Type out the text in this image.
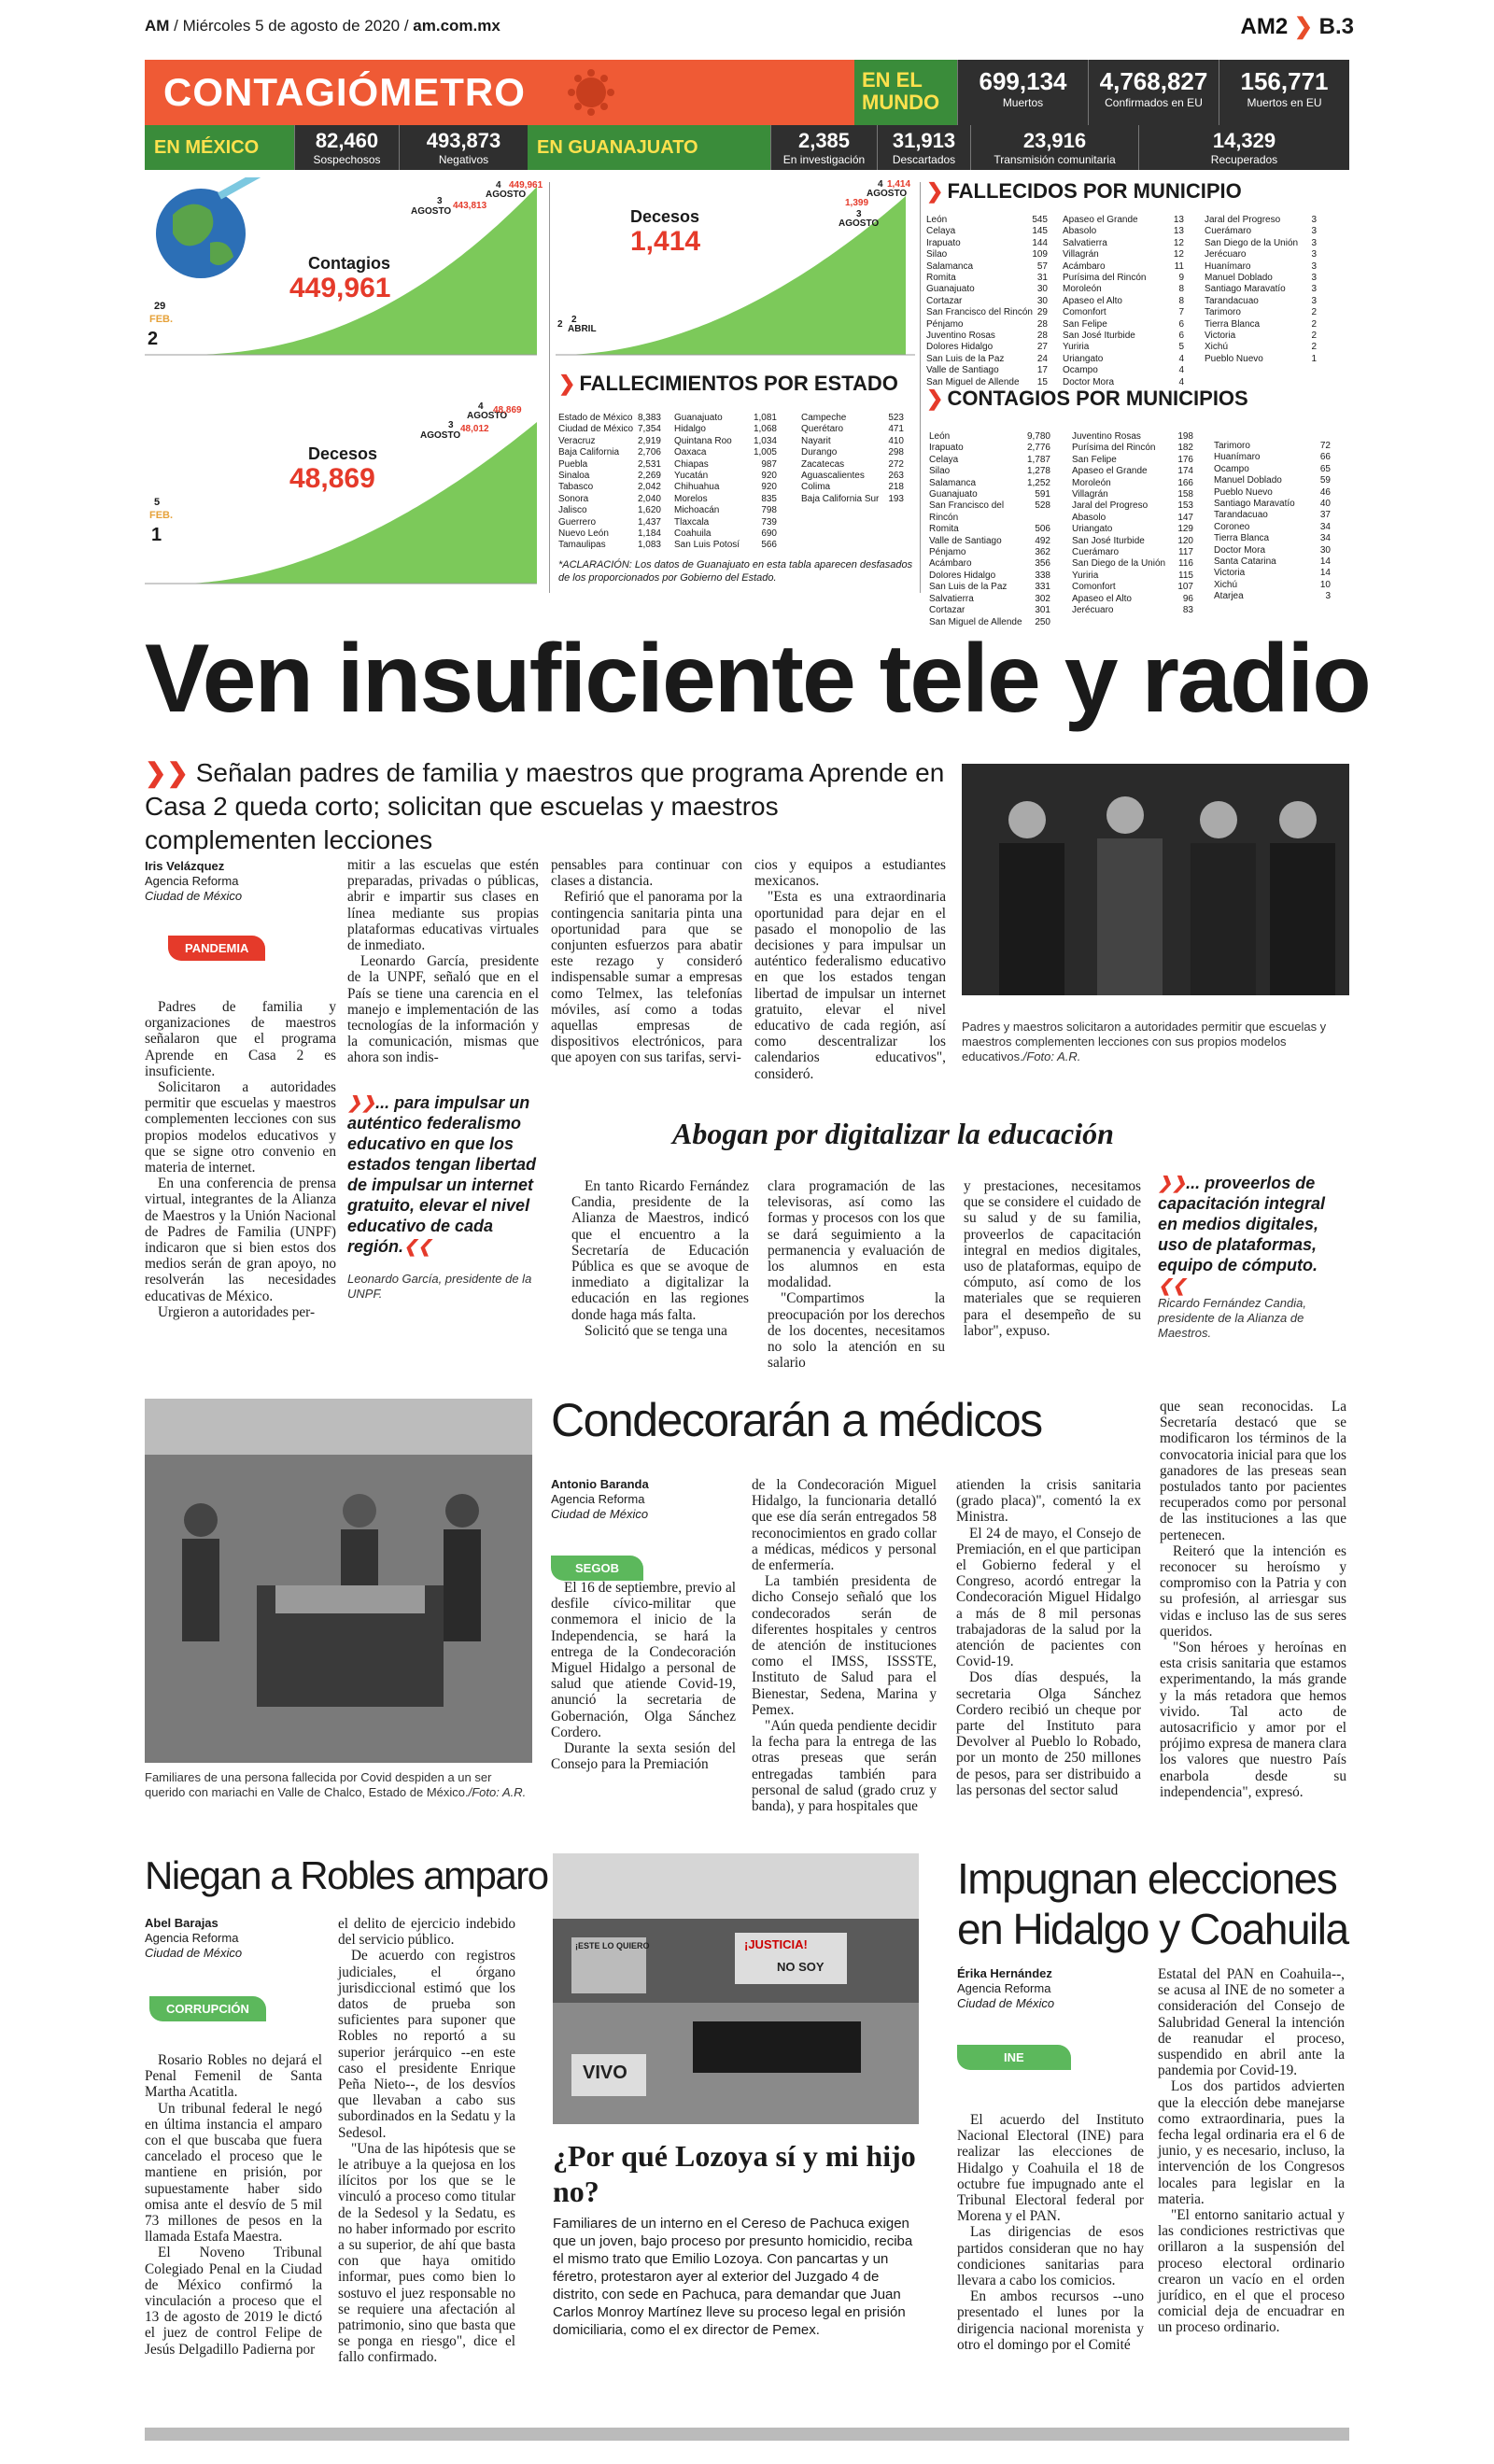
AM / Miércoles 5 de agosto de 2020 / am.com.mx	AM2 ❯ B.3
CONTAGIÓMETRO	EN EL MUNDO
699,134
Muertos
4,768,827
Confirmados en EU
156,771
Muertos en EU
EN MÉXICO	82,460
Sospechosos
493,873
Negativos
EN GUANAJUATO	2,385
En investigación
31,913
Descartados
23,916
Transmisión comunitaria
14,329
Recuperados
Contagios
449,961
29
FEB.
2
4
AGOSTO
449,961
3
AGOSTO
443,813
Decesos
48,869
5
FEB.
1
4
AGOSTO
48,869
3
AGOSTO
48,012
Decesos
1,414
2 2
ABRIL
4
AGOSTO
1,414
1,399
3
AGOSTO
❯ FALLECIMIENTOS POR ESTADO
Estado de México 8,383
Ciudad de México 7,354
Veracruz	2,919
Baja California 2,706
Puebla	2,531
Sinaloa	2,269
Tabasco	2,042
Sonora	2,040
Jalisco	1,620
Guerrero	1,437
Nuevo León	1,184
Tamaulipas	1,083
Guanajuato	1,081
Hidalgo	1,068
Quintana Roo 1,034
Oaxaca	1,005
Chiapas	987
Yucatán	920
Chihuahua	920
Morelos	835
Michoacán	798
Tlaxcala	739
Coahuila	690
San Luis Potosí 566
Campeche	523
Querétaro	471
Nayarit	410
Durango	298
Zacatecas	272
Aguascalientes	263
Colima	218
Baja California Sur 193
*ACLARACIÓN: Los datos de Guanajuato en esta tabla aparecen desfasados de los proporcionados por Gobierno del Estado.
❯ FALLECIDOS POR MUNICIPIO
León	545
Celaya	145
Irapuato	144
Silao	109
Salamanca	57
Romita	31
Guanajuato	30
Cortazar	30
San Francisco del Rincón 29
Pénjamo	28
Juventino Rosas	28
Dolores Hidalgo	27
San Luis de la Paz	24
Valle de Santiago	17
San Miguel de Allende 15
Apaseo el Grande	13
Abasolo	13
Salvatierra	12
Villagrán	12
Acámbaro	11
Purísima del Rincón	9
Moroleón	8
Apaseo el Alto	8
Comonfort	7
San Felipe	6
San José Iturbide	6
Yuriria	5
Uriangato	4
Ocampo	4
Doctor Mora	4
Jaral del Progreso	3
Cuerámaro	3
San Diego de la Unión 3
Jerécuaro	3
Huanímaro	3
Manuel Doblado	3
Santiago Maravatío	3
Tarandacuao	3
Tarimoro	2
Tierra Blanca	2
Victoria	2
Xichú	2
Pueblo Nuevo	1
❯ CONTAGIOS POR MUNICIPIOS
León	9,780
Irapuato	2,776
Celaya	1,787
Silao	1,278
Salamanca	1,252
Guanajuato	591
San Francisco del Rincón
528
Romita	506
Valle de Santiago	492
Pénjamo	362
Acámbaro	356
Dolores Hidalgo	338
San Luis de la Paz	331
Salvatierra	302
Cortazar	301
San Miguel de Allende 250
Juventino Rosas	198
Purísima del Rincón 182
San Felipe	176
Apaseo el Grande	174
Moroleón	166
Villagrán	158
Jaral del Progreso	153
Abasolo	147
Uriangato	129
San José Iturbide	120
Cuerámaro	117
San Diego de la Unión 116
Yuriria	115
Comonfort	107
Apaseo el Alto	96
Jerécuaro	83
Tarimoro	72
Huanímaro	66
Ocampo	65
Manuel Doblado	59
Pueblo Nuevo	46
Santiago Maravatío	40
Tarandacuao	37
Coroneo	34
Tierra Blanca	34
Doctor Mora	30
Santa Catarina	14
Victoria	14
Xichú	10
Atarjea	3
Ven insuficiente tele y radio
❯❯ Señalan padres de familia y maestros que programa Aprende en Casa 2 queda corto; solicitan que escuelas y maestros complementen lecciones
Iris Velázquez
Agencia Reforma
Ciudad de México
PANDEMIA

Padres de familia y organizaciones de maestros señalaron que el programa Aprende en Casa 2 es insuficiente.

Solicitaron a autoridades permitir que escuelas y maestros complementen lecciones con sus propios modelos educativos y que se signe otro convenio en materia de internet.

En una conferencia de prensa virtual, integrantes de la Alianza de Maestros y la Unión Nacional de Padres de Familia (UNPF) indicaron que si bien estos dos medios serán de gran apoyo, no resolverán las necesidades educativas de México.

Urgieron a autoridades per-

mitir a las escuelas que estén preparadas, privadas o públicas, abrir e impartir sus clases en línea mediante sus propias plataformas educativas virtuales de inmediato.

Leonardo García, presidente de la UNPF, señaló que en el País se tiene una carencia en el manejo e implementación de las tecnologías de la información y la comunicación, mismas que ahora son indis-

pensables para continuar con clases a distancia.

Refirió que el panorama por la contingencia sanitaria pinta una oportunidad para que se conjunten esfuerzos para abatir este rezago y consideró indispensable sumar a empresas como Telmex, las telefonías móviles, así como a todas aquellas empresas de dispositivos electrónicos, para que apoyen con sus tarifas, servi-

cios y equipos a estudiantes mexicanos.

"Esta es una extraordinaria oportunidad para dejar en el pasado el monopolio de las decisiones y para impulsar un auténtico federalismo educativo en que los estados tengan libertad de impulsar un internet gratuito, elevar el nivel educativo de cada región, así como descentralizar los calendarios educativos", consideró.

❯❯... para impulsar un auténtico federalismo educativo en que los estados tengan libertad de impulsar un internet gratuito, elevar el nivel educativo de cada región.❮❮
Leonardo García, presidente de la UNPF.
Padres y maestros solicitaron a autoridades permitir que escuelas y maestros complementen lecciones con sus propios modelos educativos./Foto: A.R.
Abogan por digitalizar la educación

En tanto Ricardo Fernández Candia, presidente de la Alianza de Maestros, indicó que el encuentro a la Secretaría de Educación Pública es que se avoque de inmediato a digitalizar la educación en las regiones donde haga más falta.

Solicitó que se tenga una

clara programación de las televisoras, así como las formas y procesos con los que se dará seguimiento a la permanencia y evaluación de los alumnos en esta modalidad.

"Compartimos la preocupación por los derechos de los docentes, necesitamos no solo la atención en su salario

y prestaciones, necesitamos que se considere el cuidado de su salud y de su familia, proveerlos de capacitación integral en medios digitales, uso de plataformas, equipo de cómputo, así como de los materiales que se requieren para el desempeño de su labor", expuso.

❯❯... proveerlos de capacitación integral en medios digitales, uso de plataformas, equipo de cómputo.❮❮
Ricardo Fernández Candia, presidente de la Alianza de Maestros.
Familiares de una persona fallecida por Covid despiden a un ser querido con mariachi en Valle de Chalco, Estado de México./Foto: A.R.
Condecorarán a médicos
Antonio Baranda
Agencia Reforma
Ciudad de México
SEGOB

El 16 de septiembre, previo al desfile cívico-militar que conmemora el inicio de la Independencia, se hará la entrega de la Condecoración Miguel Hidalgo a personal de salud que atiende Covid-19, anunció la secretaria de Gobernación, Olga Sánchez Cordero.

Durante la sexta sesión del Consejo para la Premiación

de la Condecoración Miguel Hidalgo, la funcionaria detalló que ese día serán entregados 58 reconocimientos en grado collar a médicas, médicos y personal de enfermería.

La también presidenta de dicho Consejo señaló que los condecorados serán de diferentes hospitales y centros de atención de instituciones como el IMSS, ISSSTE, Instituto de Salud para el Bienestar, Sedena, Marina y Pemex.

"Aún queda pendiente decidir la fecha para la entrega de las otras preseas que serán entregadas también para personal de salud (grado cruz y banda), y para hospitales que

atienden la crisis sanitaria (grado placa)", comentó la ex Ministra.

El 24 de mayo, el Consejo de Premiación, en el que participan el Gobierno federal y el Congreso, acordó entregar la Condecoración Miguel Hidalgo a más de 8 mil personas trabajadoras de la salud por la atención de pacientes con Covid-19.

Dos días después, la secretaria Olga Sánchez Cordero recibió un cheque por parte del Instituto para Devolver al Pueblo lo Robado, por un monto de 250 millones de pesos, para ser distribuido a las personas del sector salud

que sean reconocidas. La Secretaría destacó que se modificaron los términos de la convocatoria inicial para que los ganadores de las preseas sean postulados tanto por pacientes recuperados como por personal de las instituciones a las que pertenecen.

Reiteró que la intención es reconocer su heroísmo y compromiso con la Patria y con su profesión, al arriesgar sus vidas e incluso las de sus seres queridos.

"Son héroes y heroínas en esta crisis sanitaria que estamos experimentando, la más grande y la más retadora que hemos vivido. Tal acto de autosacrificio y amor por el prójimo expresa de manera clara los valores que nuestro País enarbola desde su independencia", expresó.

Niegan a Robles amparo
Abel Barajas
Agencia Reforma
Ciudad de México
CORRUPCIÓN

Rosario Robles no dejará el Penal Femenil de Santa Martha Acatitla.

Un tribunal federal le negó en última instancia el amparo con el que buscaba que fuera cancelado el proceso que le mantiene en prisión, por supuestamente haber sido omisa ante el desvío de 5 mil 73 millones de pesos en la llamada Estafa Maestra.

El Noveno Tribunal Colegiado Penal en la Ciudad de México confirmó la vinculación a proceso que el 13 de agosto de 2019 le dictó el juez de control Felipe de Jesús Delgadillo Padierna por

el delito de ejercicio indebido del servicio público.

De acuerdo con registros judiciales, el órgano jurisdiccional estimó que los datos de prueba son suficientes para suponer que Robles no reportó a su superior jerárquico --en este caso el presidente Enrique Peña Nieto--, de los desvíos que llevaban a cabo sus subordinados en la Sedatu y la Sedesol.

"Una de las hipótesis que se le atribuye a la quejosa en los ilícitos por los que se le vinculó a proceso como titular de la Sedesol y la Sedatu, es no haber informado por escrito a su superior, de ahí que basta con que haya omitido informar, pues como bien lo sostuvo el juez responsable no se requiere una afectación al patrimonio, sino que basta que se ponga en riesgo", dice el fallo confirmado.

¡JUSTICIA!
NO SOY
¡ESTE LO QUIERO
VIVO
¿Por qué Lozoya sí y mi hijo no?
Familiares de un interno en el Cereso de Pachuca exigen que un joven, bajo proceso por presunto homicidio, reciba el mismo trato que Emilio Lozoya. Con pancartas y un féretro, protestaron ayer al exterior del Juzgado 4 de distrito, con sede en Pachuca, para demandar que Juan Carlos Monroy Martínez lleve su proceso legal en prisión domiciliaria, como el ex director de Pemex.
Impugnan elecciones en Hidalgo y Coahuila
Érika Hernández
Agencia Reforma
Ciudad de México
INE

El acuerdo del Instituto Nacional Electoral (INE) para realizar las elecciones de Hidalgo y Coahuila el 18 de octubre fue impugnado ante el Tribunal Electoral federal por Morena y el PAN.

Las dirigencias de esos partidos consideran que no hay condiciones sanitarias para llevara a cabo los comicios.

En ambos recursos --uno presentado el lunes por la dirigencia nacional morenista y otro el domingo por el Comité

Estatal del PAN en Coahuila--, se acusa al INE de no someter a consideración del Consejo de Salubridad General la intención de reanudar el proceso, suspendido en abril ante la pandemia por Covid-19.

Los dos partidos advierten que la elección debe manejarse como extraordinaria, pues la fecha legal ordinaria era el 6 de junio, y es necesario, incluso, la intervención de los Congresos locales para legislar en la materia.

"El entorno sanitario actual y las condiciones restrictivas que orillaron a la suspensión del proceso electoral ordinario crearon un vacío en el orden jurídico, en el que el proceso comicial deja de encuadrar en un proceso ordinario.
